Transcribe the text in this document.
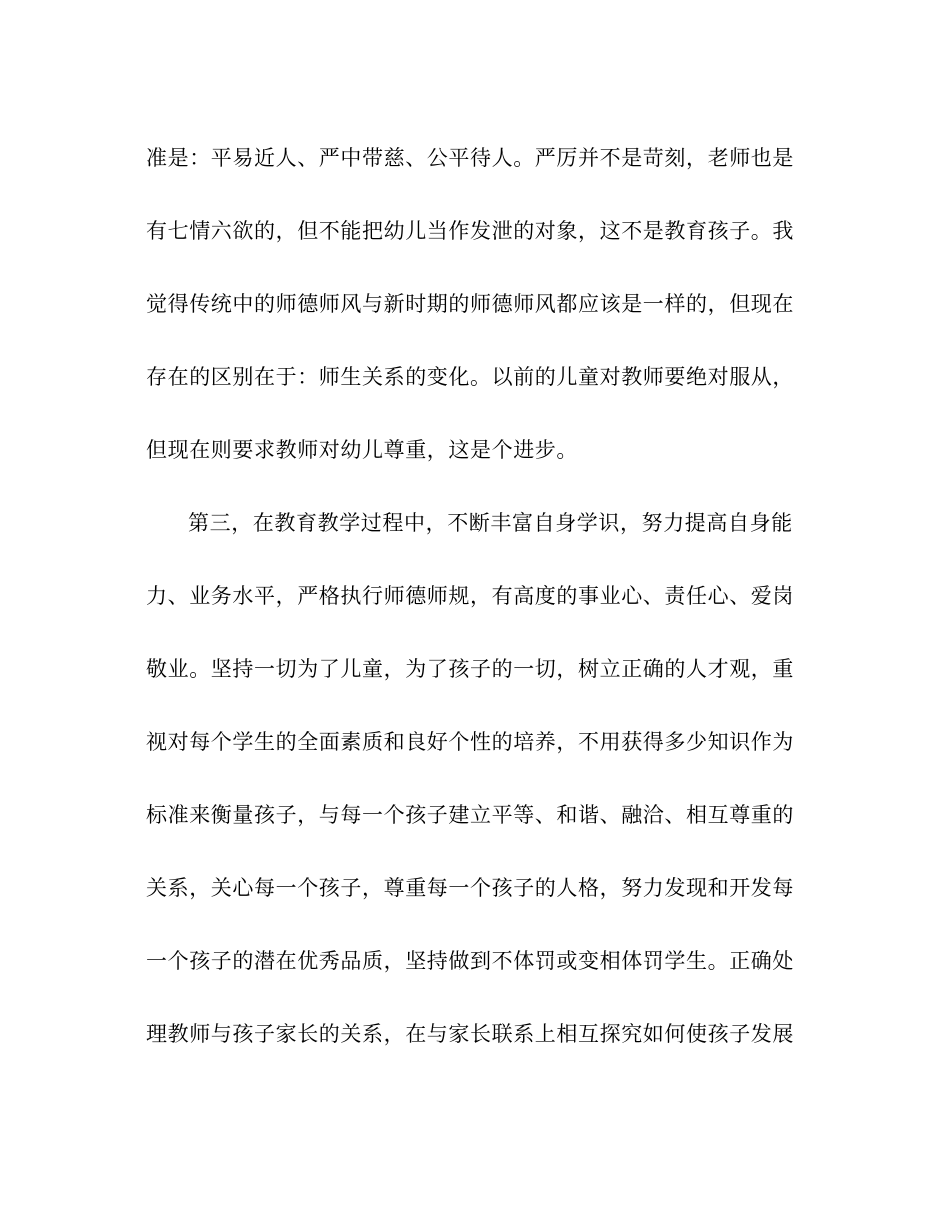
准是：平易近人、严中带慈、公平待人。严厉并不是苛刻，老师也是
有七情六欲的，但不能把幼儿当作发泄的对象，这不是教育孩子。我
觉得传统中的师德师风与新时期的师德师风都应该是一样的，但现在
存在的区别在于：师生关系的变化。以前的儿童对教师要绝对服从，
但现在则要求教师对幼儿尊重，这是个进步。
第三，在教育教学过程中，不断丰富自身学识，努力提高自身能
力、业务水平，严格执行师德师规，有高度的事业心、责任心、爱岗
敬业。坚持一切为了儿童，为了孩子的一切，树立正确的人才观，重
视对每个学生的全面素质和良好个性的培养，不用获得多少知识作为
标准来衡量孩子，与每一个孩子建立平等、和谐、融洽、相互尊重的
关系，关心每一个孩子，尊重每一个孩子的人格，努力发现和开发每
一个孩子的潜在优秀品质，坚持做到不体罚或变相体罚学生。正确处
理教师与孩子家长的关系，在与家长联系上相互探究如何使孩子发展
